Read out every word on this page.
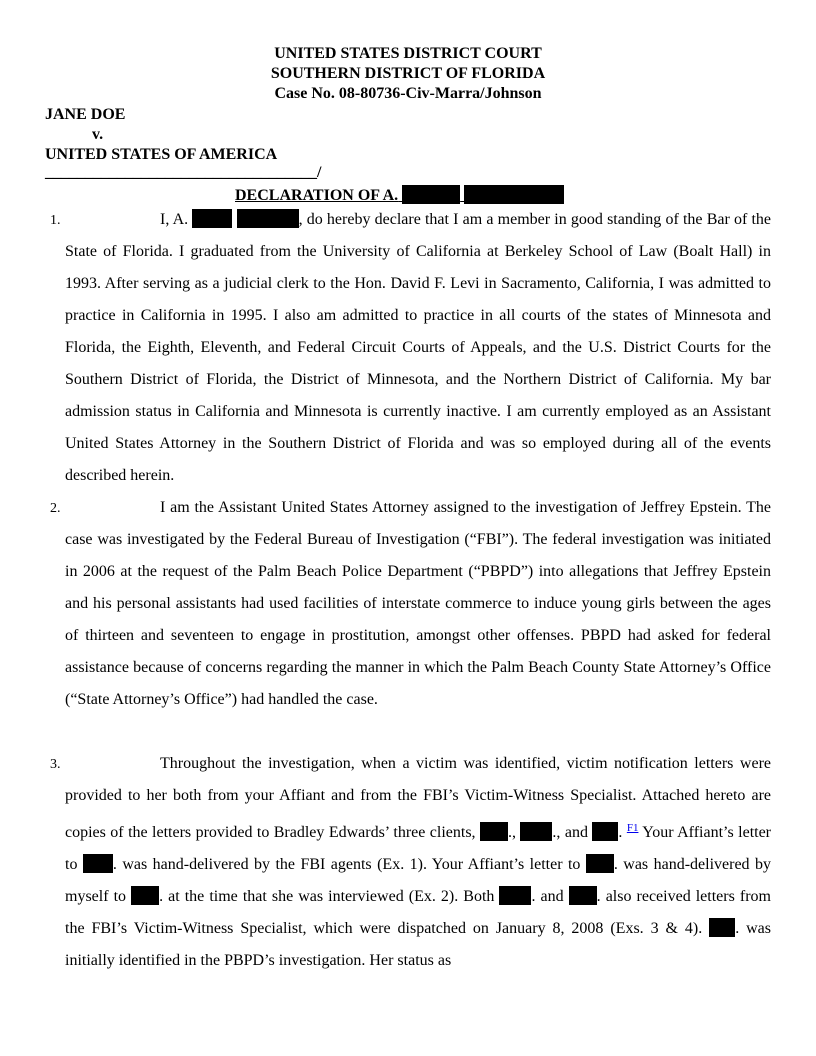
UNITED STATES DISTRICT COURT
SOUTHERN DISTRICT OF FLORIDA
Case No. 08-80736-Civ-Marra/Johnson
JANE DOE
v.
UNITED STATES OF AMERICA
__________________________________/
DECLARATION OF A.
1.	I, A.	, do hereby declare that I am a member in good standing of the Bar of the State of Florida. I graduated from the University of California at Berkeley School of Law (Boalt Hall) in 1993. After serving as a judicial clerk to the Hon. David F. Levi in Sacramento, California, I was admitted to practice in California in 1995. I also am admitted to practice in all courts of the states of Minnesota and Florida, the Eighth, Eleventh, and Federal Circuit Courts of Appeals, and the U.S. District Courts for the Southern District of Florida, the District of Minnesota, and the Northern District of California. My bar admission status in California and Minnesota is currently inactive. I am currently employed as an Assistant United States Attorney in the Southern District of Florida and was so employed during all of the events described herein.
2.	I am the Assistant United States Attorney assigned to the investigation of Jeffrey Epstein. The case was investigated by the Federal Bureau of Investigation (“FBI”). The federal investigation was initiated in 2006 at the request of the Palm Beach Police Department (“PBPD”) into allegations that Jeffrey Epstein and his personal assistants had used facilities of interstate commerce to induce young girls between the ages of thirteen and seventeen to engage in prostitution, amongst other offenses. PBPD had asked for federal assistance because of concerns regarding the manner in which the Palm Beach County State Attorney’s Office (“State Attorney’s Office”) had handled the case.
3.	Throughout the investigation, when a victim was identified, victim notification letters were provided to her both from your Affiant and from the FBI’s Victim-Witness Specialist. Attached hereto are copies of the letters provided to Bradley Edwards’ three clients, ., ., and . $^{F1}$ Your Affiant’s letter to . was hand-delivered by the FBI agents (Ex. 1). Your Affiant’s letter to . was hand-delivered by myself to . at the time that she was interviewed (Ex. 2). Both . and . also received letters from the FBI’s Victim-Witness Specialist, which were dispatched on January 8, 2008 (Exs. 3 & 4). . was initially identified in the PBPD’s investigation. Her status as
